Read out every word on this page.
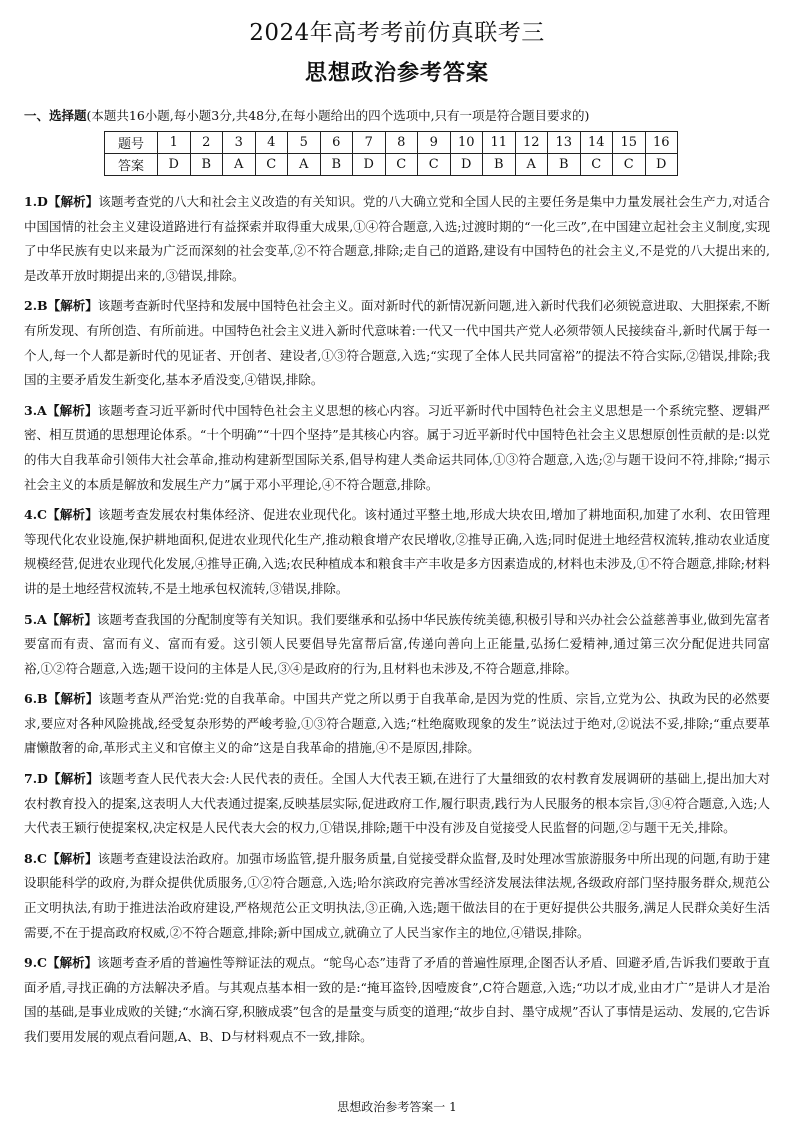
2024年高考考前仿真联考三
思想政治参考答案
一、选择题(本题共16小题,每小题3分,共48分,在每小题给出的四个选项中,只有一项是符合题目要求的)
题号	1	2	3	4	5	6	7	8	9	10	11	12	13	14	15	16
答案	D	B	A	C	A	B	D	C	C	D	B	A	B	C	C	D
1.D【解析】该题考查党的八大和社会主义改造的有关知识。党的八大确立党和全国人民的主要任务是集中力量发展社会生产力,对适合中国国情的社会主义建设道路进行有益探索并取得重大成果,①④符合题意,入选;过渡时期的“一化三改”,在中国建立起社会主义制度,实现了中华民族有史以来最为广泛而深刻的社会变革,②不符合题意,排除;走自己的道路,建设有中国特色的社会主义,不是党的八大提出来的,是改革开放时期提出来的,③错误,排除。
2.B【解析】该题考查新时代坚持和发展中国特色社会主义。面对新时代的新情况新问题,进入新时代我们必须锐意进取、大胆探索,不断有所发现、有所创造、有所前进。中国特色社会主义进入新时代意味着:一代又一代中国共产党人必须带领人民接续奋斗,新时代属于每一个人,每一个人都是新时代的见证者、开创者、建设者,①③符合题意,入选;“实现了全体人民共同富裕”的提法不符合实际,②错误,排除;我国的主要矛盾发生新变化,基本矛盾没变,④错误,排除。
3.A【解析】该题考查习近平新时代中国特色社会主义思想的核心内容。习近平新时代中国特色社会主义思想是一个系统完整、逻辑严密、相互贯通的思想理论体系。“十个明确”“十四个坚持”是其核心内容。属于习近平新时代中国特色社会主义思想原创性贡献的是:以党的伟大自我革命引领伟大社会革命,推动构建新型国际关系,倡导构建人类命运共同体,①③符合题意,入选;②与题干设问不符,排除;“揭示社会主义的本质是解放和发展生产力”属于邓小平理论,④不符合题意,排除。
4.C【解析】该题考查发展农村集体经济、促进农业现代化。该村通过平整土地,形成大块农田,增加了耕地面积,加建了水利、农田管理等现代化农业设施,保护耕地面积,促进农业现代化生产,推动粮食增产农民增收,②推导正确,入选;同时促进土地经营权流转,推动农业适度规模经营,促进农业现代化发展,④推导正确,入选;农民种植成本和粮食丰产丰收是多方因素造成的,材料也未涉及,①不符合题意,排除;材料讲的是土地经营权流转,不是土地承包权流转,③错误,排除。
5.A【解析】该题考查我国的分配制度等有关知识。我们要继承和弘扬中华民族传统美德,积极引导和兴办社会公益慈善事业,做到先富者要富而有责、富而有义、富而有爱。这引领人民要倡导先富帮后富,传递向善向上正能量,弘扬仁爱精神,通过第三次分配促进共同富裕,①②符合题意,入选;题干设问的主体是人民,③④是政府的行为,且材料也未涉及,不符合题意,排除。
6.B【解析】该题考查从严治党:党的自我革命。中国共产党之所以勇于自我革命,是因为党的性质、宗旨,立党为公、执政为民的必然要求,要应对各种风险挑战,经受复杂形势的严峻考验,①③符合题意,入选;“杜绝腐败现象的发生”说法过于绝对,②说法不妥,排除;“重点要革庸懒散奢的命,革形式主义和官僚主义的命”这是自我革命的措施,④不是原因,排除。
7.D【解析】该题考查人民代表大会:人民代表的责任。全国人大代表王颖,在进行了大量细致的农村教育发展调研的基础上,提出加大对农村教育投入的提案,这表明人大代表通过提案,反映基层实际,促进政府工作,履行职责,践行为人民服务的根本宗旨,③④符合题意,入选;人大代表王颖行使提案权,决定权是人民代表大会的权力,①错误,排除;题干中没有涉及自觉接受人民监督的问题,②与题干无关,排除。
8.C【解析】该题考查建设法治政府。加强市场监管,提升服务质量,自觉接受群众监督,及时处理冰雪旅游服务中所出现的问题,有助于建设职能科学的政府,为群众提供优质服务,①②符合题意,入选;哈尔滨政府完善冰雪经济发展法律法规,各级政府部门坚持服务群众,规范公正文明执法,有助于推进法治政府建设,严格规范公正文明执法,③正确,入选;题干做法目的在于更好提供公共服务,满足人民群众美好生活需要,不在于提高政府权威,②不符合题意,排除;新中国成立,就确立了人民当家作主的地位,④错误,排除。
9.C【解析】该题考查矛盾的普遍性等辩证法的观点。“鸵鸟心态”违背了矛盾的普遍性原理,企图否认矛盾、回避矛盾,告诉我们要敢于直面矛盾,寻找正确的方法解决矛盾。与其观点基本相一致的是:“掩耳盗铃,因噎废食”,C符合题意,入选;“功以才成,业由才广”是讲人才是治国的基础,是事业成败的关键;“水滴石穿,积腋成裘”包含的是量变与质变的道理;“故步自封、墨守成规”否认了事情是运动、发展的,它告诉我们要用发展的观点看问题,A、B、D与材料观点不一致,排除。
思想政治参考答案一 1
